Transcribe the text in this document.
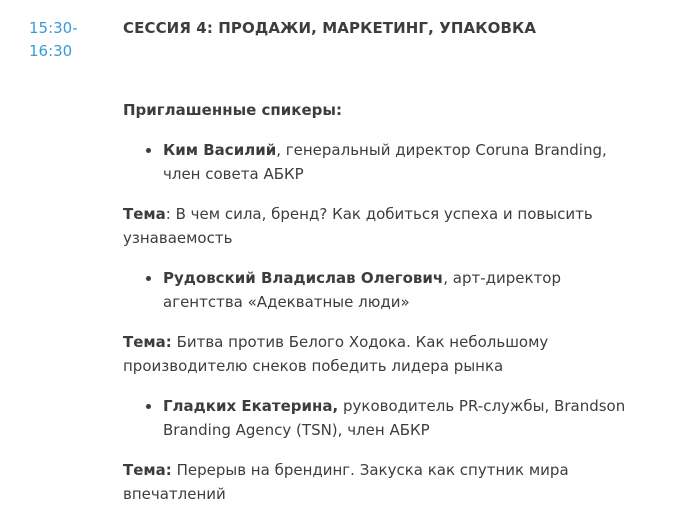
15:30-
16:30
СЕССИЯ 4: ПРОДАЖИ, МАРКЕТИНГ, УПАКОВКА

Приглашенные спикеры:

Ким Василий, генеральный директор Coruna Branding, член совета АБКР
Тема: В чем сила, бренд? Как добиться успеха и повысить узнаваемость
Рудовский Владислав Олегович, арт-директор агентства «Адекватные люди»
Тема: Битва против Белого Ходока. Как небольшому производителю снеков победить лидера рынка
Гладких Екатерина, руководитель PR-службы, Brandson Branding Agency (TSN), член АБКР
Тема: Перерыв на брендинг. Закуска как спутник мира впечатлений
